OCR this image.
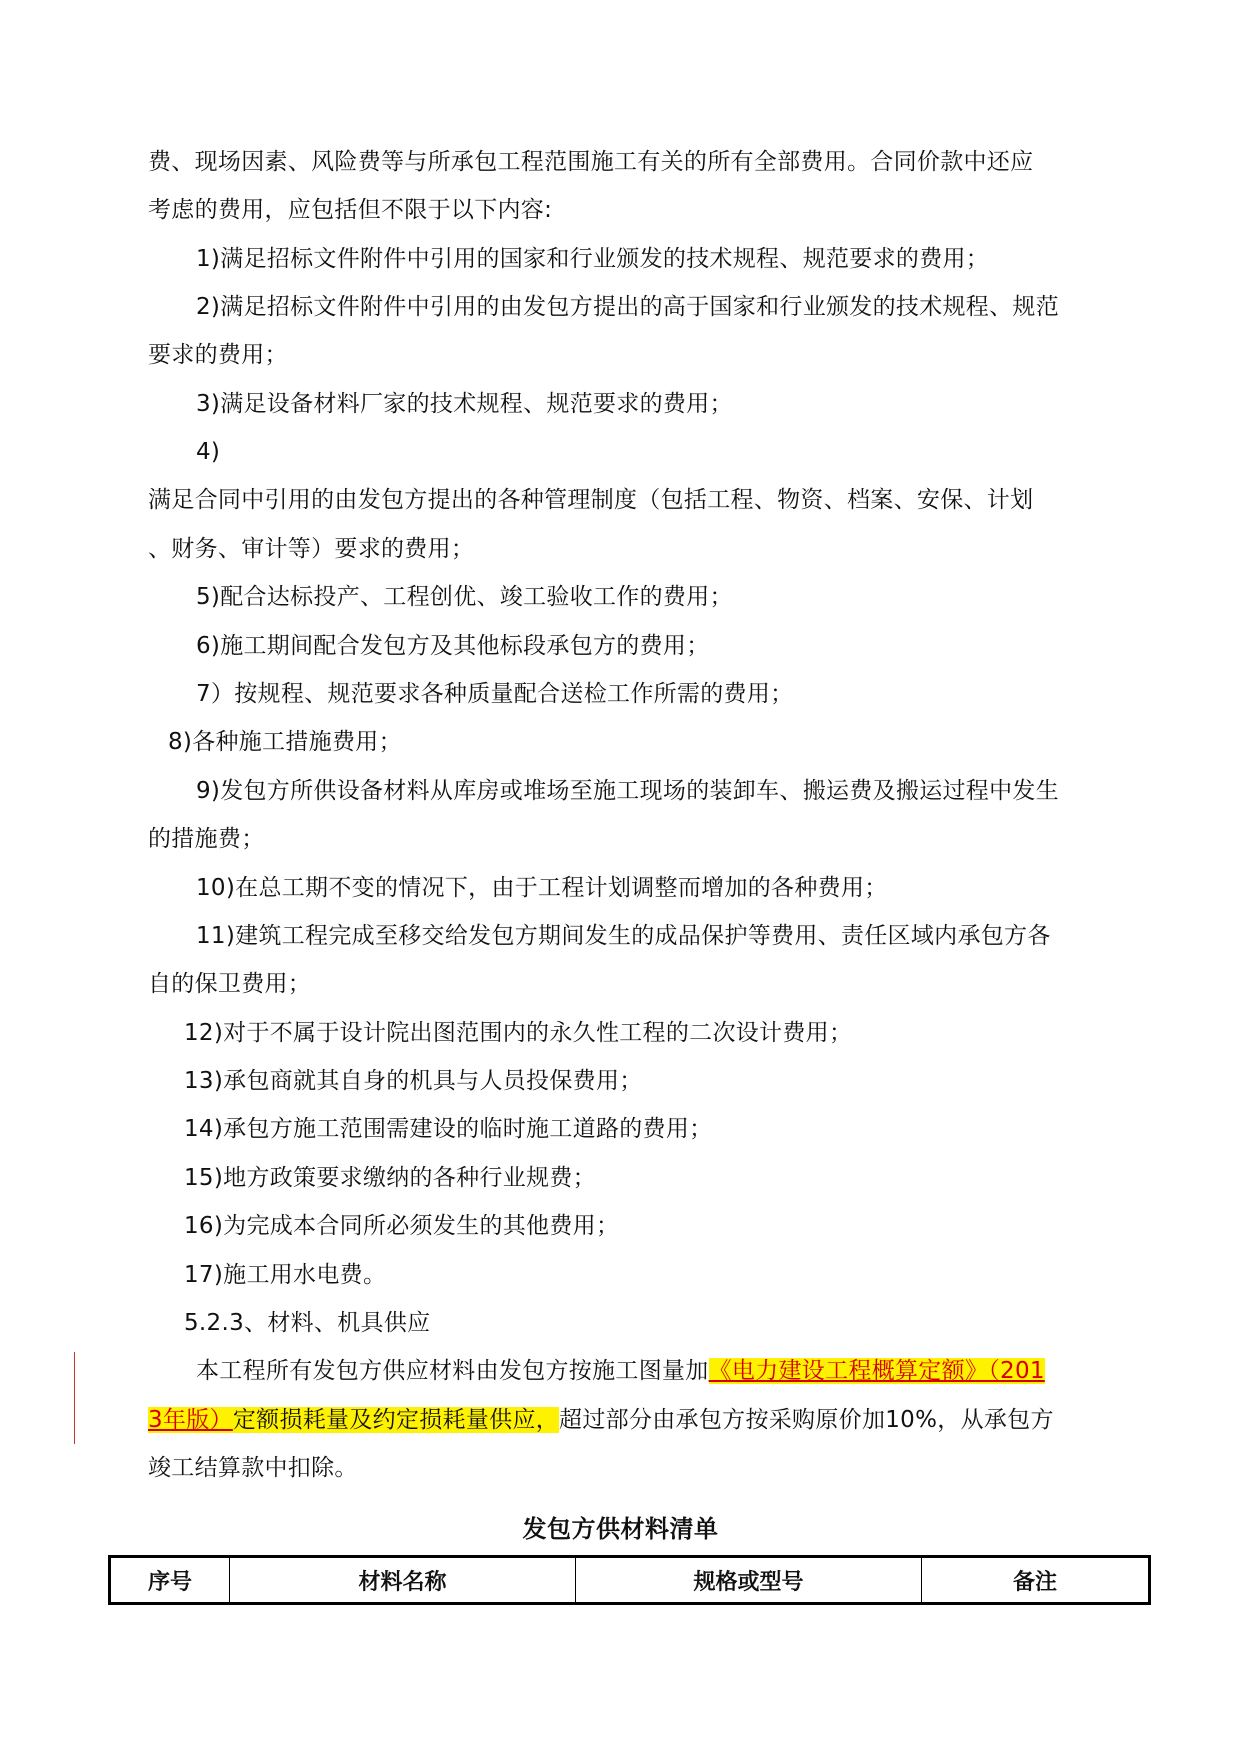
费、现场因素、风险费等与所承包工程范围施工有关的所有全部费用。合同价款中还应
考虑的费用，应包括但不限于以下内容:
1)满足招标文件附件中引用的国家和行业颁发的技术规程、规范要求的费用；
2)满足招标文件附件中引用的由发包方提出的高于国家和行业颁发的技术规程、规范
要求的费用；
3)满足设备材料厂家的技术规程、规范要求的费用；
4)
满足合同中引用的由发包方提出的各种管理制度（包括工程、物资、档案、安保、计划
、财务、审计等）要求的费用；
5)配合达标投产、工程创优、竣工验收工作的费用；
6)施工期间配合发包方及其他标段承包方的费用；
7）按规程、规范要求各种质量配合送检工作所需的费用；
8)各种施工措施费用；
9)发包方所供设备材料从库房或堆场至施工现场的装卸车、搬运费及搬运过程中发生
的措施费；
10)在总工期不变的情况下，由于工程计划调整而增加的各种费用；
11)建筑工程完成至移交给发包方期间发生的成品保护等费用、责任区域内承包方各
自的保卫费用；
12)对于不属于设计院出图范围内的永久性工程的二次设计费用；
13)承包商就其自身的机具与人员投保费用；
14)承包方施工范围需建设的临时施工道路的费用；
15)地方政策要求缴纳的各种行业规费；
16)为完成本合同所必须发生的其他费用；
17)施工用水电费。
5.2.3、材料、机具供应
本工程所有发包方供应材料由发包方按施工图量加《电力建设工程概算定额》（201
3年版）定额损耗量及约定损耗量供应，超过部分由承包方按采购原价加10%，从承包方
竣工结算款中扣除。
发包方供材料清单
序号	材料名称	规格或型号	备注
